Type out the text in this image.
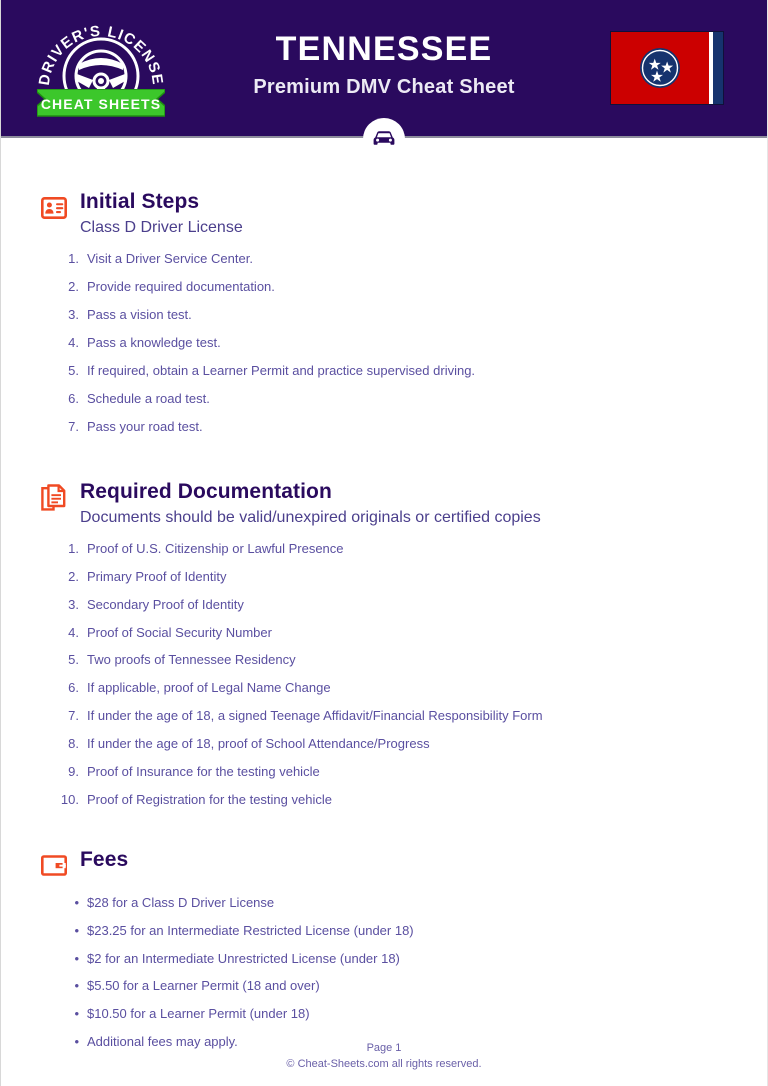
DRIVER'S LICENSE
CHEAT SHEETS
TENNESSEE
Premium DMV Cheat Sheet
Initial Steps
Class D Driver License
1. Visit a Driver Service Center.
2. Provide required documentation.
3. Pass a vision test.
4. Pass a knowledge test.
5. If required, obtain a Learner Permit and practice supervised driving.
6. Schedule a road test.
7. Pass your road test.
Required Documentation
Documents should be valid/unexpired originals or certified copies
1. Proof of U.S. Citizenship or Lawful Presence
2. Primary Proof of Identity
3. Secondary Proof of Identity
4. Proof of Social Security Number
5. Two proofs of Tennessee Residency
6. If applicable, proof of Legal Name Change
7. If under the age of 18, a signed Teenage Affidavit/Financial Responsibility Form
8. If under the age of 18, proof of School Attendance/Progress
9. Proof of Insurance for the testing vehicle
10. Proof of Registration for the testing vehicle
Fees
• $28 for a Class D Driver License
• $23.25 for an Intermediate Restricted License (under 18)
• $2 for an Intermediate Unrestricted License (under 18)
• $5.50 for a Learner Permit (18 and over)
• $10.50 for a Learner Permit (under 18)
• Additional fees may apply.	Page 1
© Cheat-Sheets.com all rights reserved.
